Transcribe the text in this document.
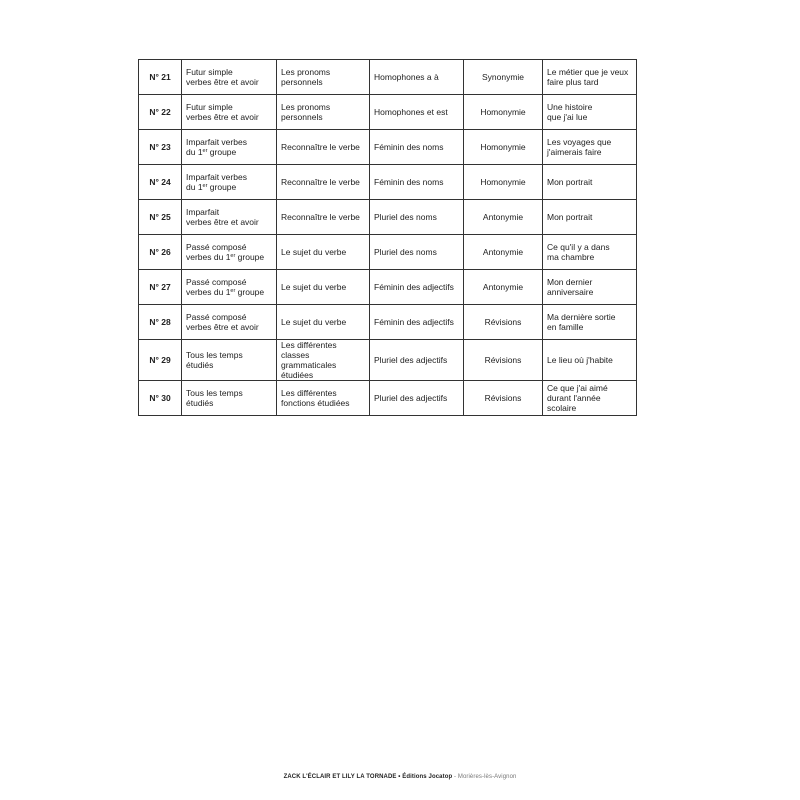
N° 21	Futur simple
verbes être et avoir	Les pronoms
personnels	Homophones a à	Synonymie	Le métier que je veux
faire plus tard

N° 22	Futur simple
verbes être et avoir	Les pronoms
personnels	Homophones et est	Homonymie	Une histoire
que j'ai lue

N° 23	Imparfait verbes
du 1er groupe	Reconnaître le verbe	Féminin des noms	Homonymie	Les voyages que
j'aimerais faire

N° 24	Imparfait verbes
du 1er groupe	Reconnaître le verbe	Féminin des noms	Homonymie	Mon portrait

N° 25	Imparfait
verbes être et avoir	Reconnaître le verbe	Pluriel des noms	Antonymie	Mon portrait

N° 26	Passé composé
verbes du 1er groupe	Le sujet du verbe	Pluriel des noms	Antonymie	Ce qu'il y a dans
ma chambre

N° 27	Passé composé
verbes du 1er groupe	Le sujet du verbe	Féminin des adjectifs	Antonymie	Mon dernier
anniversaire

N° 28	Passé composé
verbes être et avoir	Le sujet du verbe	Féminin des adjectifs	Révisions	Ma dernière sortie
en famille

N° 29	Tous les temps étudiés	Les différentes classes
grammaticales étudiées	Pluriel des adjectifs	Révisions	Le lieu où j'habite

N° 30	Tous les temps étudiés	Les différentes
fonctions étudiées	Pluriel des adjectifs	Révisions	Ce que j'ai aimé
durant l'année scolaire
ZACK L'ÉCLAIR ET LILY LA TORNADE • Éditions Jocatop - Morières-lès-Avignon
